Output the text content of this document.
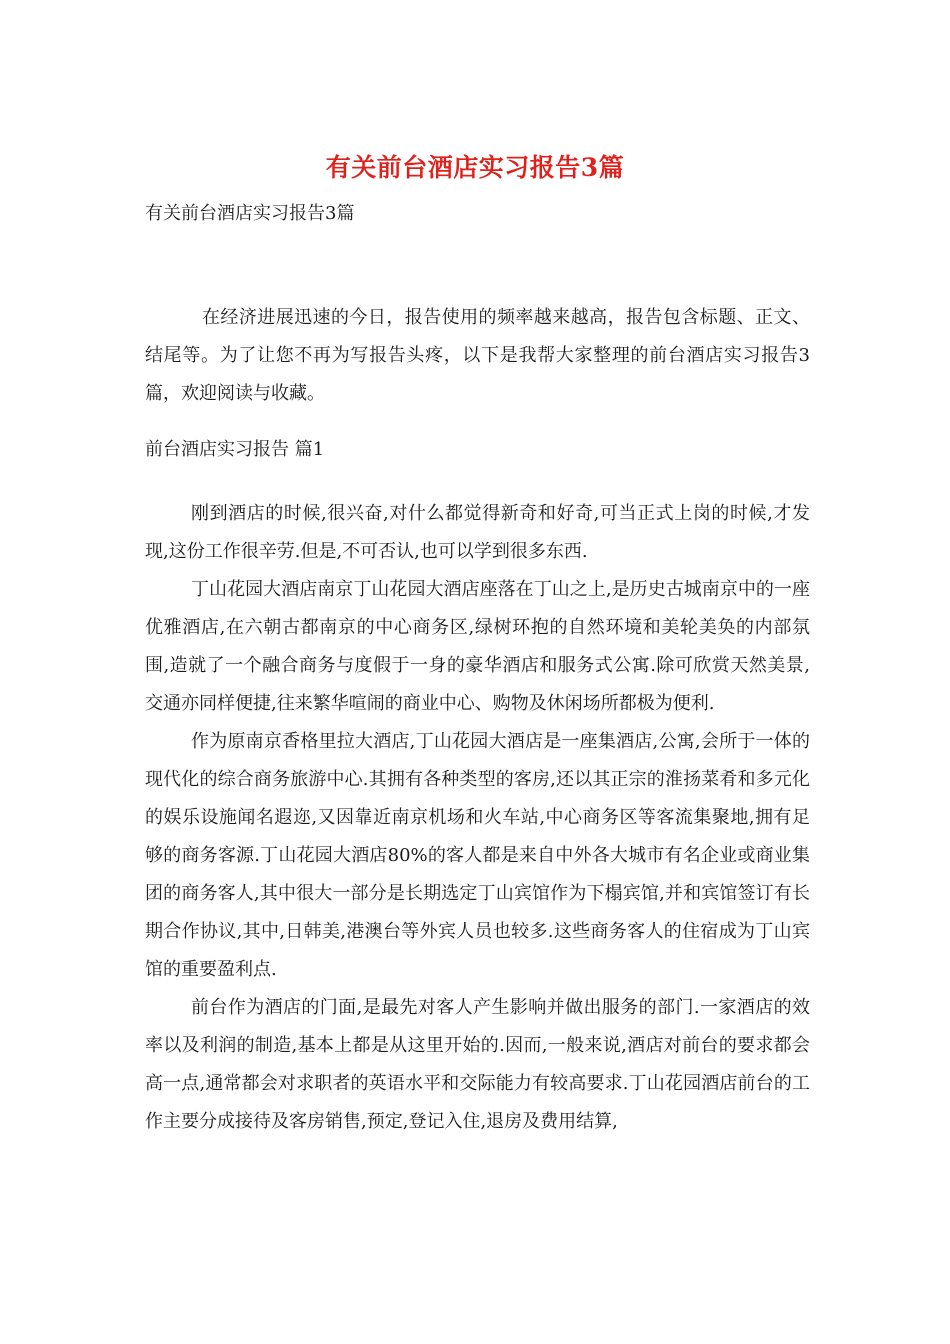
有关前台酒店实习报告3篇
有关前台酒店实习报告3篇

在经济进展迅速的今日，报告使用的频率越来越高，报告包含标题、正文、结尾等。为了让您不再为写报告头疼，以下是我帮大家整理的前台酒店实习报告3篇，欢迎阅读与收藏。

前台酒店实习报告 篇1

刚到酒店的时候,很兴奋,对什么都觉得新奇和好奇,可当正式上岗的时候,才发现,这份工作很辛劳.但是,不可否认,也可以学到很多东西.

丁山花园大酒店南京丁山花园大酒店座落在丁山之上,是历史古城南京中的一座优雅酒店,在六朝古都南京的中心商务区,绿树环抱的自然环境和美轮美奂的内部氛围,造就了一个融合商务与度假于一身的豪华酒店和服务式公寓.除可欣赏天然美景,交通亦同样便捷,往来繁华喧闹的商业中心、购物及休闲场所都极为便利.

作为原南京香格里拉大酒店,丁山花园大酒店是一座集酒店,公寓,会所于一体的现代化的综合商务旅游中心.其拥有各种类型的客房,还以其正宗的淮扬菜肴和多元化的娱乐设施闻名遐迩,又因靠近南京机场和火车站,中心商务区等客流集聚地,拥有足够的商务客源.丁山花园大酒店80%的客人都是来自中外各大城市有名企业或商业集团的商务客人,其中很大一部分是长期选定丁山宾馆作为下榻宾馆,并和宾馆签订有长期合作协议,其中,日韩美,港澳台等外宾人员也较多.这些商务客人的住宿成为丁山宾馆的重要盈利点.

前台作为酒店的门面,是最先对客人产生影响并做出服务的部门.一家酒店的效率以及利润的制造,基本上都是从这里开始的.因而,一般来说,酒店对前台的要求都会高一点,通常都会对求职者的英语水平和交际能力有较高要求.丁山花园酒店前台的工作主要分成接待及客房销售,预定,登记入住,退房及费用结算,
